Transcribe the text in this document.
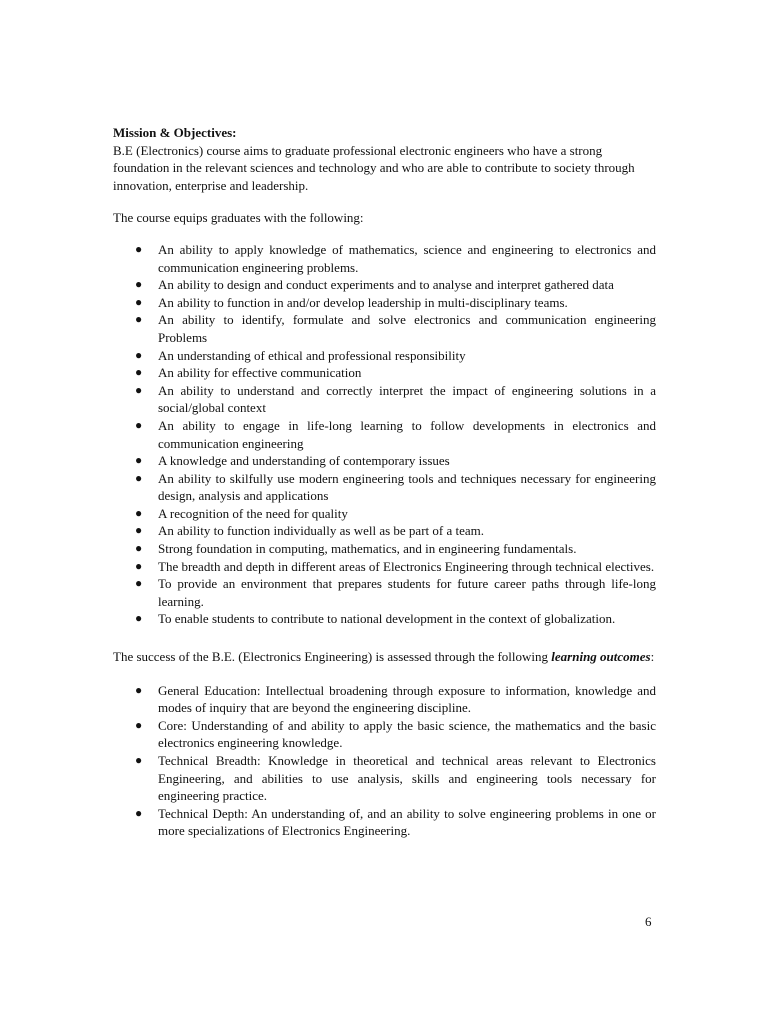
Mission & Objectives:

B.E (Electronics) course aims to graduate professional electronic engineers who have a strong foundation in the relevant sciences and technology and who are able to contribute to society through innovation, enterprise and leadership.

The course equips graduates with the following:

● An ability to apply knowledge of mathematics, science and engineering to electronics and communication engineering problems.
● An ability to design and conduct experiments and to analyse and interpret gathered data
● An ability to function in and/or develop leadership in multi-disciplinary teams.
● An ability to identify, formulate and solve electronics and communication engineering Problems
● An understanding of ethical and professional responsibility
● An ability for effective communication
● An ability to understand and correctly interpret the impact of engineering solutions in a social/global context
● An ability to engage in life-long learning to follow developments in electronics and communication engineering
● A knowledge and understanding of contemporary issues
● An ability to skilfully use modern engineering tools and techniques necessary for engineering design, analysis and applications
● A recognition of the need for quality
● An ability to function individually as well as be part of a team.
● Strong foundation in computing, mathematics, and in engineering fundamentals.
● The breadth and depth in different areas of Electronics Engineering through technical electives.
● To provide an environment that prepares students for future career paths through life-long learning.
● To enable students to contribute to national development in the context of globalization.

The success of the B.E. (Electronics Engineering) is assessed through the following learning outcomes:

● General Education: Intellectual broadening through exposure to information, knowledge and modes of inquiry that are beyond the engineering discipline.
● Core: Understanding of and ability to apply the basic science, the mathematics and the basic electronics engineering knowledge.
● Technical Breadth: Knowledge in theoretical and technical areas relevant to Electronics Engineering, and abilities to use analysis, skills and engineering tools necessary for engineering practice.
● Technical Depth: An understanding of, and an ability to solve engineering problems in one or more specializations of Electronics Engineering.
6
